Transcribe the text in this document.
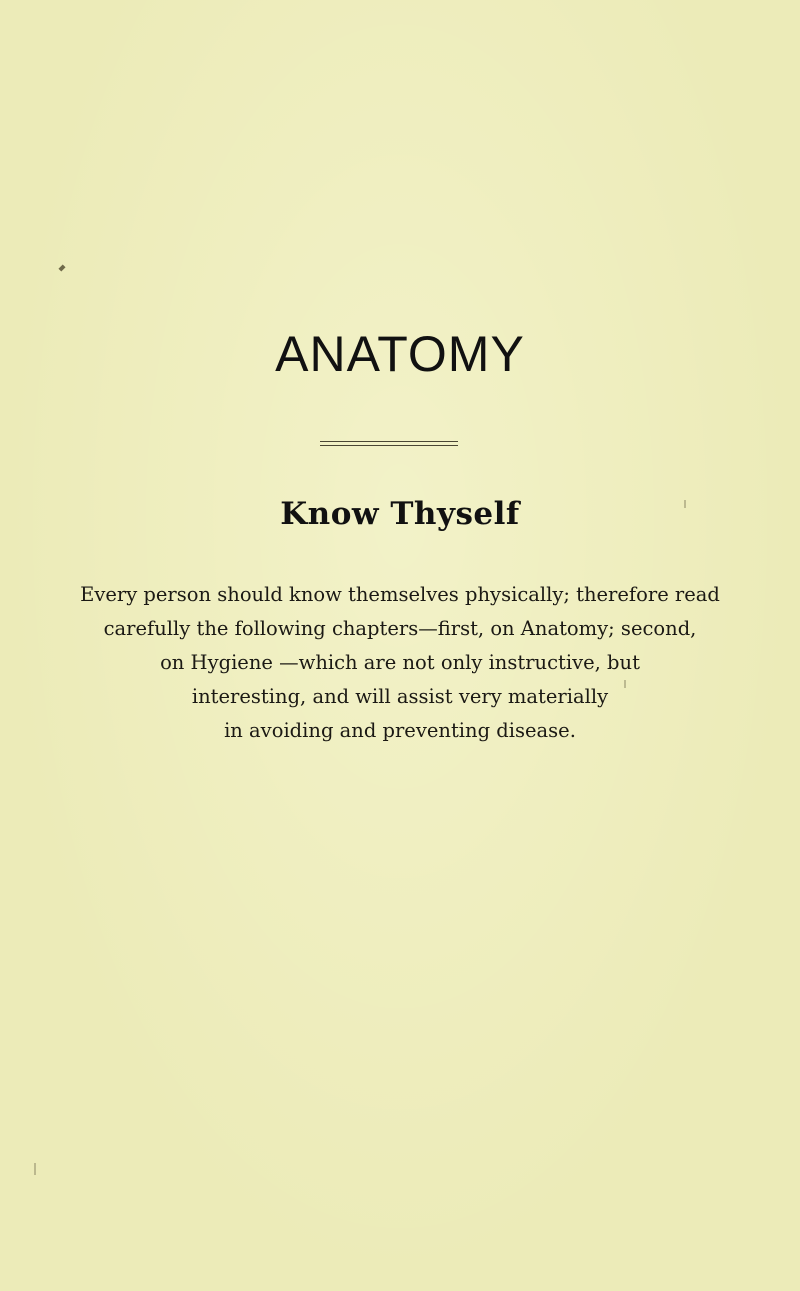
ANATOMY
Know Thyself
Every person should know themselves physically; therefore read
carefully the following chapters—first, on Anatomy; second,
on Hygiene —which are not only instructive, but
interesting, and will assist very materially
in avoiding and preventing disease.
